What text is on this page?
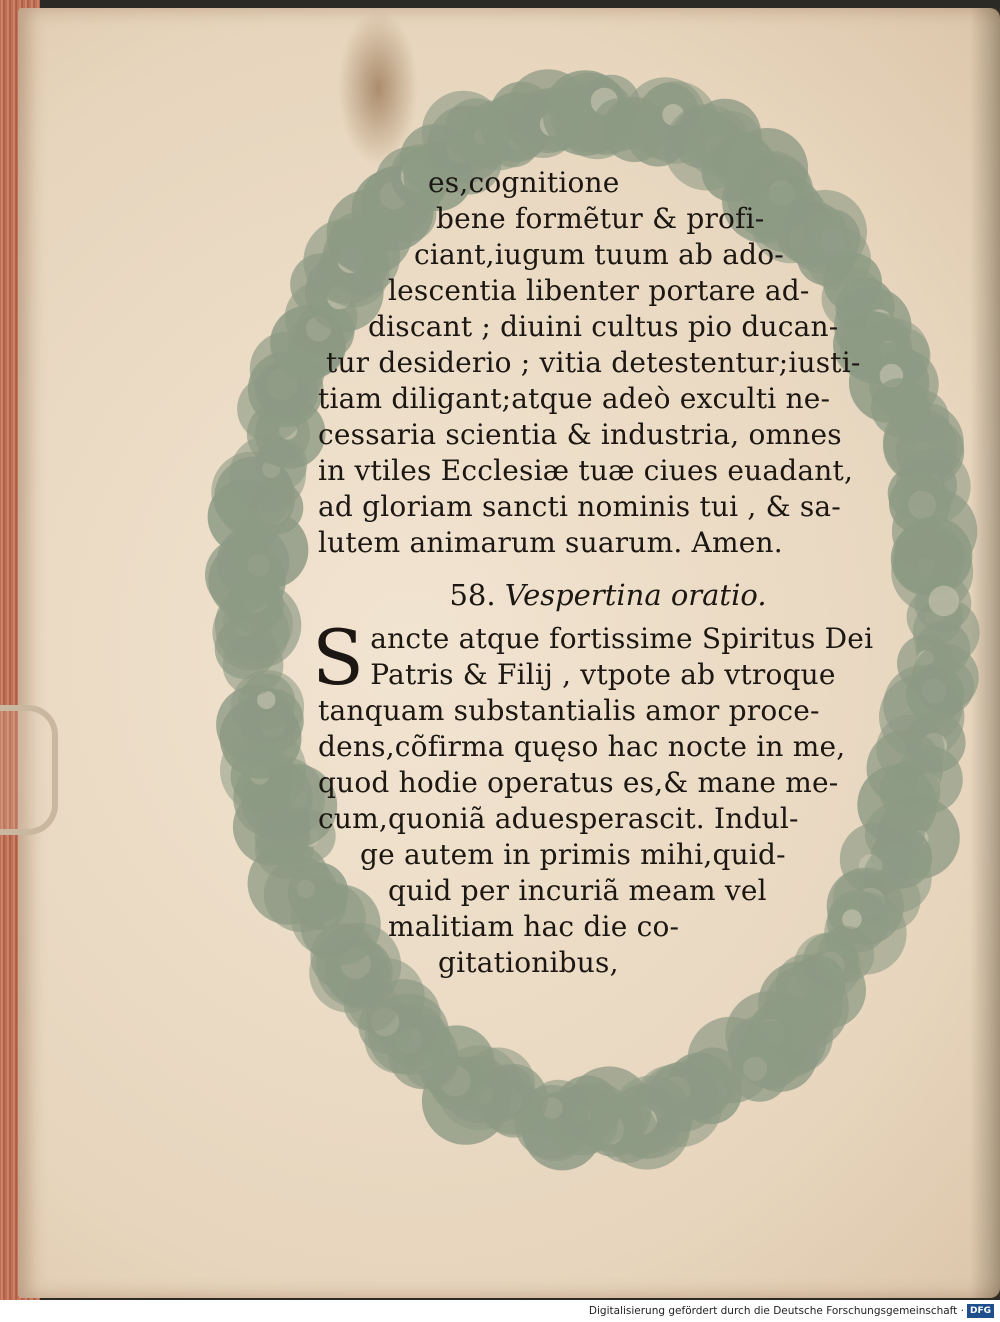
es,cognitione
bene formẽtur & profi-
ciant,iugum tuum ab ado-
lescentia libenter portare ad-
discant ; diuini cultus pio ducan-
tur desiderio ; vitia detestentur;iusti-
tiam diligant;atque adeò exculti ne-
cessaria scientia & industria, omnes
in vtiles Ecclesiæ tuæ ciues euadant,
ad gloriam sancti nominis tui , & sa-
lutem animarum suarum. Amen.
58. Vespertina oratio.
S ancte atque fortissime Spiritus Dei
Patris & Filij , vtpote ab vtroque
tanquam substantialis amor proce-
dens,cõfirma quęso hac nocte in me,
quod hodie operatus es,& mane me-
cum,quoniã aduesperascit. Indul-
ge autem in primis mihi,quid-
quid per incuriã meam vel
malitiam hac die co-
gitationibus,
Digitalisierung gefördert durch die Deutsche Forschungsgemeinschaft · DFG
